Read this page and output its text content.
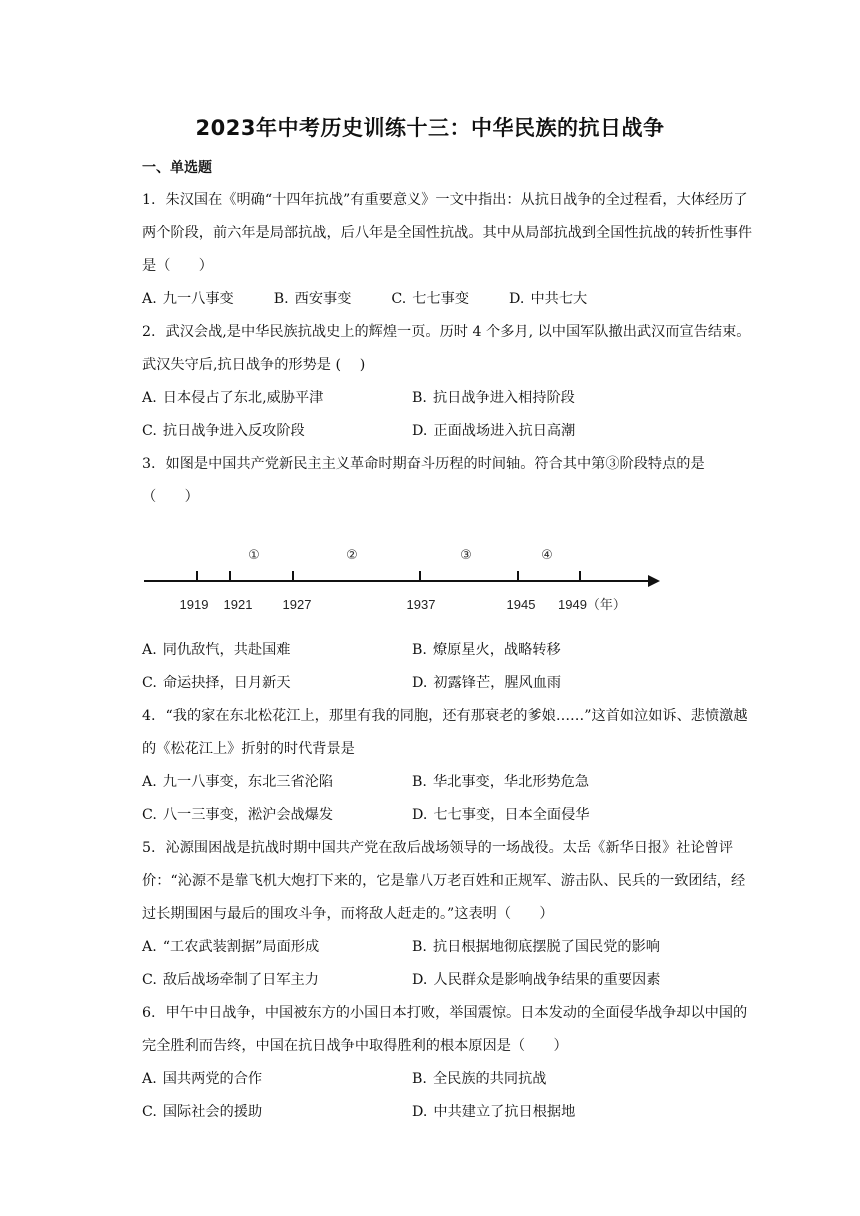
2023年中考历史训练十三：中华民族的抗日战争
一、单选题
1. 朱汉国在《明确“十四年抗战”有重要意义》一文中指出：从抗日战争的全过程看，大体经历了两个阶段，前六年是局部抗战，后八年是全国性抗战。其中从局部抗战到全国性抗战的转折性事件是（　　）
A. 九一八事变	B. 西安事变	C. 七七事变	D. 中共七大
2. 武汉会战,是中华民族抗战史上的辉煌一页。历时 4 个多月, 以中国军队撤出武汉而宣告结束。武汉失守后,抗日战争的形势是 (　 )
A. 日本侵占了东北,威胁平津	B. 抗日战争进入相持阶段
C. 抗日战争进入反攻阶段	D. 正面战场进入抗日高潮
3. 如图是中国共产党新民主主义革命时期奋斗历程的时间轴。符合其中第③阶段特点的是（　　）
①	②	③	④
1919 1921 1927	1937	1945 1949（年）
A. 同仇敌忾，共赴国难	B. 燎原星火，战略转移
C. 命运抉择，日月新天	D. 初露锋芒，腥风血雨
4. “我的家在东北松花江上，那里有我的同胞，还有那衰老的爹娘……”这首如泣如诉、悲愤激越的《松花江上》折射的时代背景是
A. 九一八事变，东北三省沦陷	B. 华北事变，华北形势危急
C. 八一三事变，淞沪会战爆发	D. 七七事变，日本全面侵华
5. 沁源围困战是抗战时期中国共产党在敌后战场领导的一场战役。太岳《新华日报》社论曾评价：“沁源不是靠飞机大炮打下来的，它是靠八万老百姓和正规军、游击队、民兵的一致团结，经过长期围困与最后的围攻斗争，而将敌人赶走的。”这表明（　　）
A. “工农武装割据”局面形成	B. 抗日根据地彻底摆脱了国民党的影响
C. 敌后战场牵制了日军主力	D. 人民群众是影响战争结果的重要因素
6. 甲午中日战争，中国被东方的小国日本打败，举国震惊。日本发动的全面侵华战争却以中国的完全胜利而告终，中国在抗日战争中取得胜利的根本原因是（　　）
A. 国共两党的合作	B. 全民族的共同抗战
C. 国际社会的援助	D. 中共建立了抗日根据地
